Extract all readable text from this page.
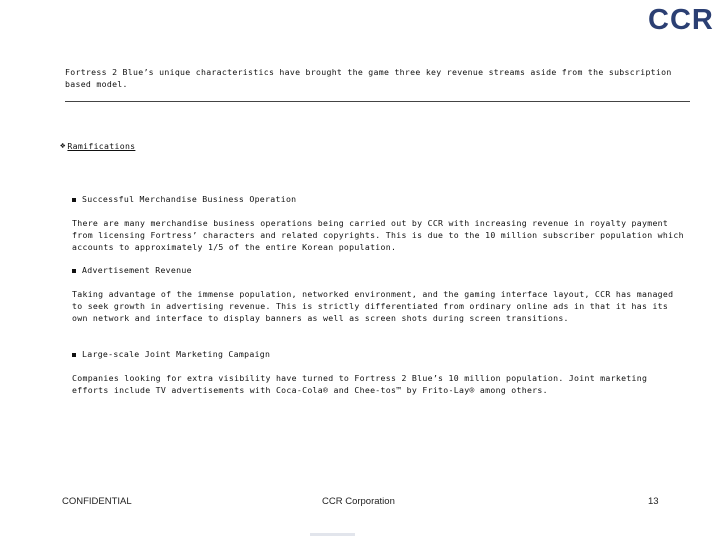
CCR

Fortress 2 Blue’s unique characteristics have brought the game three key revenue streams aside from the subscription based model.

❖ Ramifications

Successful Merchandise Business Operation

There are many merchandise business operations being carried out by CCR with increasing revenue in royalty payment from licensing Fortress’ characters and related copyrights. This is due to the 10 million subscriber population which accounts to approximately 1/5 of the entire Korean population.

Advertisement Revenue

Taking advantage of the immense population, networked environment, and the gaming interface layout, CCR has managed to seek growth in advertising revenue. This is strictly differentiated from ordinary online ads in that it has its own network and interface to display banners as well as screen shots during screen transitions.

Large-scale Joint Marketing Campaign

Companies looking for extra visibility have turned to Fortress 2 Blue’s 10 million population. Joint marketing efforts include TV advertisements with Coca-Cola® and Chee-tos™ by Frito-Lay® among others.

CONFIDENTIAL	CCR Corporation	13
